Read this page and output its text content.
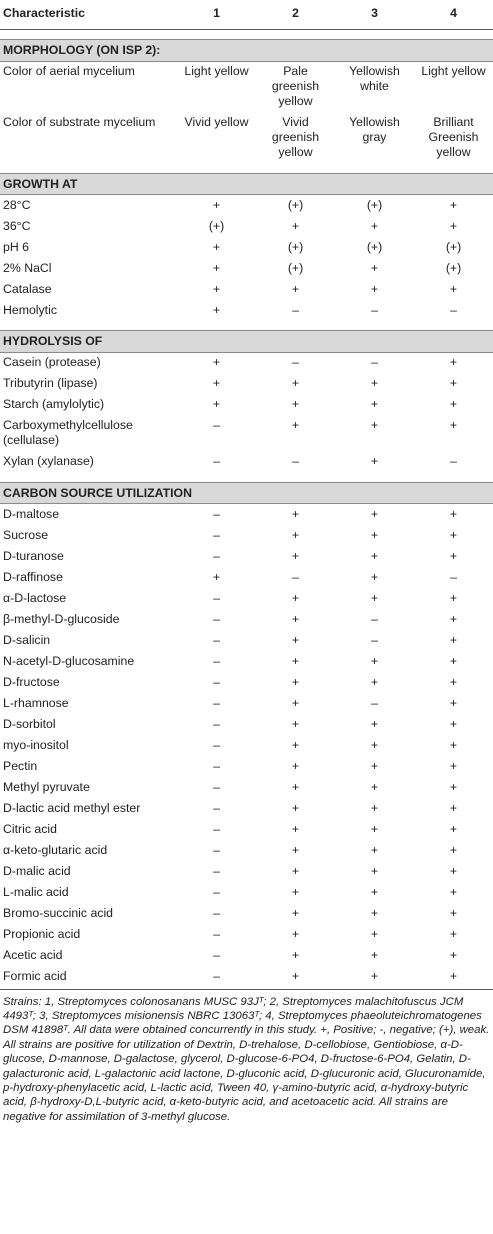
Characteristic	1	2	3	4

MORPHOLOGY (ON ISP 2):				
Color of aerial mycelium	Light yellow	Pale greenish yellow	Yellowish white	Light yellow
Color of substrate mycelium	Vivid yellow	Vivid greenish yellow	Yellowish gray	Brilliant Greenish yellow

GROWTH AT				
28°C	+	(+)	(+)	+
36°C	(+)	+	+	+
pH 6	+	(+)	(+)	(+)
2% NaCl	+	(+)	+	(+)
Catalase	+	+	+	+
Hemolytic	+	–	–	–

HYDROLYSIS OF				
Casein (protease)	+	–	–	+
Tributyrin (lipase)	+	+	+	+
Starch (amylolytic)	+	+	+	+
Carboxymethylcellulose (cellulase)	–	+	+	+
Xylan (xylanase)	–	–	+	–

CARBON SOURCE UTILIZATION				
D-maltose	–	+	+	+
Sucrose	–	+	+	+
D-turanose	–	+	+	+
D-raffinose	+	–	+	–
α-D-lactose	–	+	+	+
β-methyl-D-glucoside	–	+	–	+
D-salicin	–	+	–	+
N-acetyl-D-glucosamine	–	+	+	+
D-fructose	–	+	+	+
L-rhamnose	–	+	–	+
D-sorbitol	–	+	+	+
myo-inositol	–	+	+	+
Pectin	–	+	+	+
Methyl pyruvate	–	+	+	+
D-lactic acid methyl ester	–	+	+	+
Citric acid	–	+	+	+
α-keto-glutaric acid	–	+	+	+
D-malic acid	–	+	+	+
L-malic acid	–	+	+	+
Bromo-succinic acid	–	+	+	+
Propionic acid	–	+	+	+
Acetic acid	–	+	+	+
Formic acid	–	+	+	+

Strains: 1, Streptomyces colonosanans MUSC 93Jᵀ; 2, Streptomyces malachitofuscus JCM 4493ᵀ; 3, Streptomyces misionensis NBRC 13063ᵀ; 4, Streptomyces phaeoluteichromatogenes DSM 41898ᵀ. All data were obtained concurrently in this study. +, Positive; -, negative; (+), weak.

All strains are positive for utilization of Dextrin, D-trehalose, D-cellobiose, Gentiobiose, α-D-glucose, D-mannose, D-galactose, glycerol, D-glucose-6-PO4, D-fructose-6-PO4, Gelatin, D-galacturonic acid, L-galactonic acid lactone, D-gluconic acid, D-glucuronic acid, Glucuronamide, p-hydroxy-phenylacetic acid, L-lactic acid, Tween 40, γ-amino-butyric acid, α-hydroxy-butyric acid, β-hydroxy-D,L-butyric acid, α-keto-butyric acid, and acetoacetic acid. All strains are negative for assimilation of 3-methyl glucose.
